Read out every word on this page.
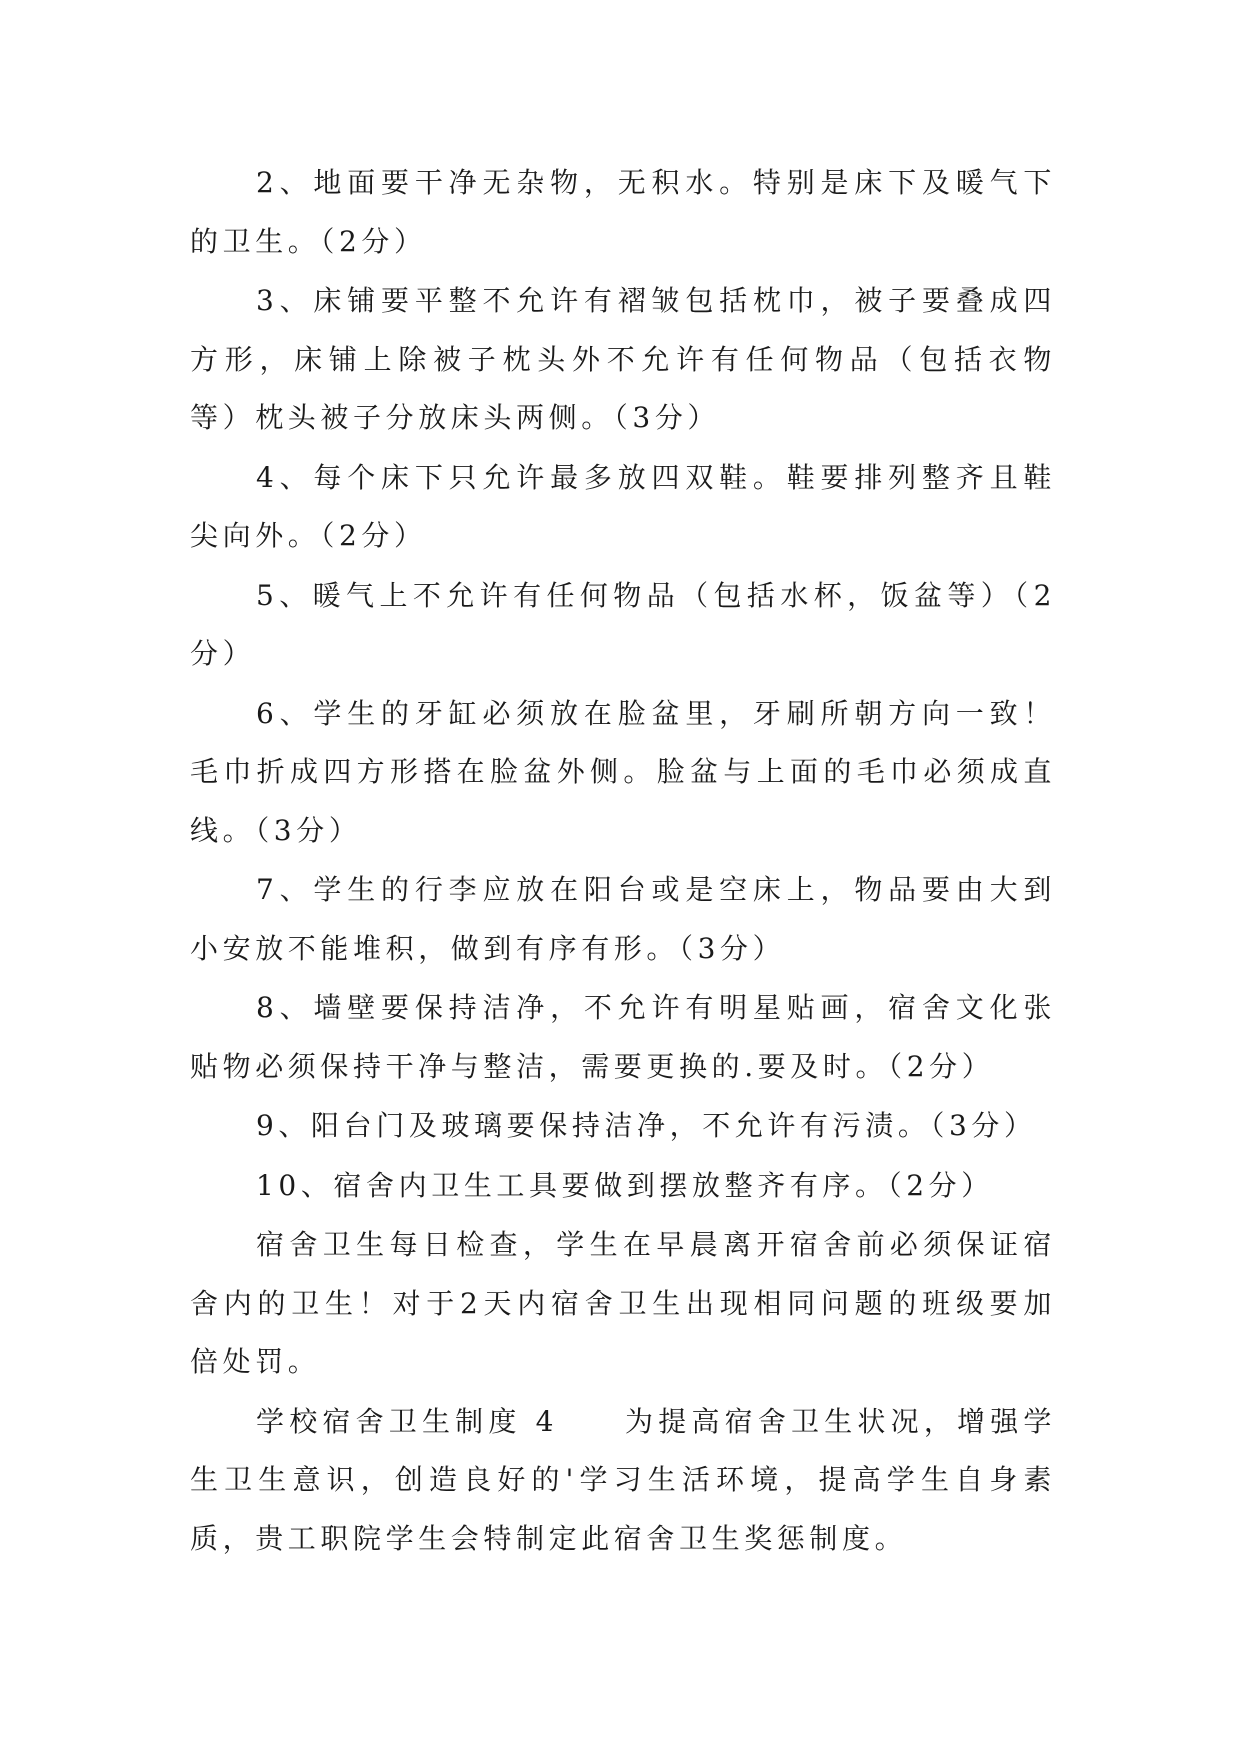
2、地面要干净无杂物，无积水。特别是床下及暖气下的卫生。（2分）

3、床铺要平整不允许有褶皱包括枕巾，被子要叠成四方形，床铺上除被子枕头外不允许有任何物品（包括衣物等）枕头被子分放床头两侧。（3分）

4、每个床下只允许最多放四双鞋。鞋要排列整齐且鞋尖向外。（2分）

5、暖气上不允许有任何物品（包括水杯，饭盆等）（2分）

6、学生的牙缸必须放在脸盆里，牙刷所朝方向一致！毛巾折成四方形搭在脸盆外侧。脸盆与上面的毛巾必须成直线。（3分）

7、学生的行李应放在阳台或是空床上，物品要由大到小安放不能堆积，做到有序有形。（3分）

8、墙壁要保持洁净，不允许有明星贴画，宿舍文化张贴物必须保持干净与整洁，需要更换的.要及时。（2分）

9、阳台门及玻璃要保持洁净，不允许有污渍。（3分）

10、宿舍内卫生工具要做到摆放整齐有序。（2分）

宿舍卫生每日检查，学生在早晨离开宿舍前必须保证宿舍内的卫生！对于2天内宿舍卫生出现相同问题的班级要加倍处罚。

学校宿舍卫生制度 4　　为提高宿舍卫生状况，增强学生卫生意识，创造良好的'学习生活环境，提高学生自身素质，贵工职院学生会特制定此宿舍卫生奖惩制度。
